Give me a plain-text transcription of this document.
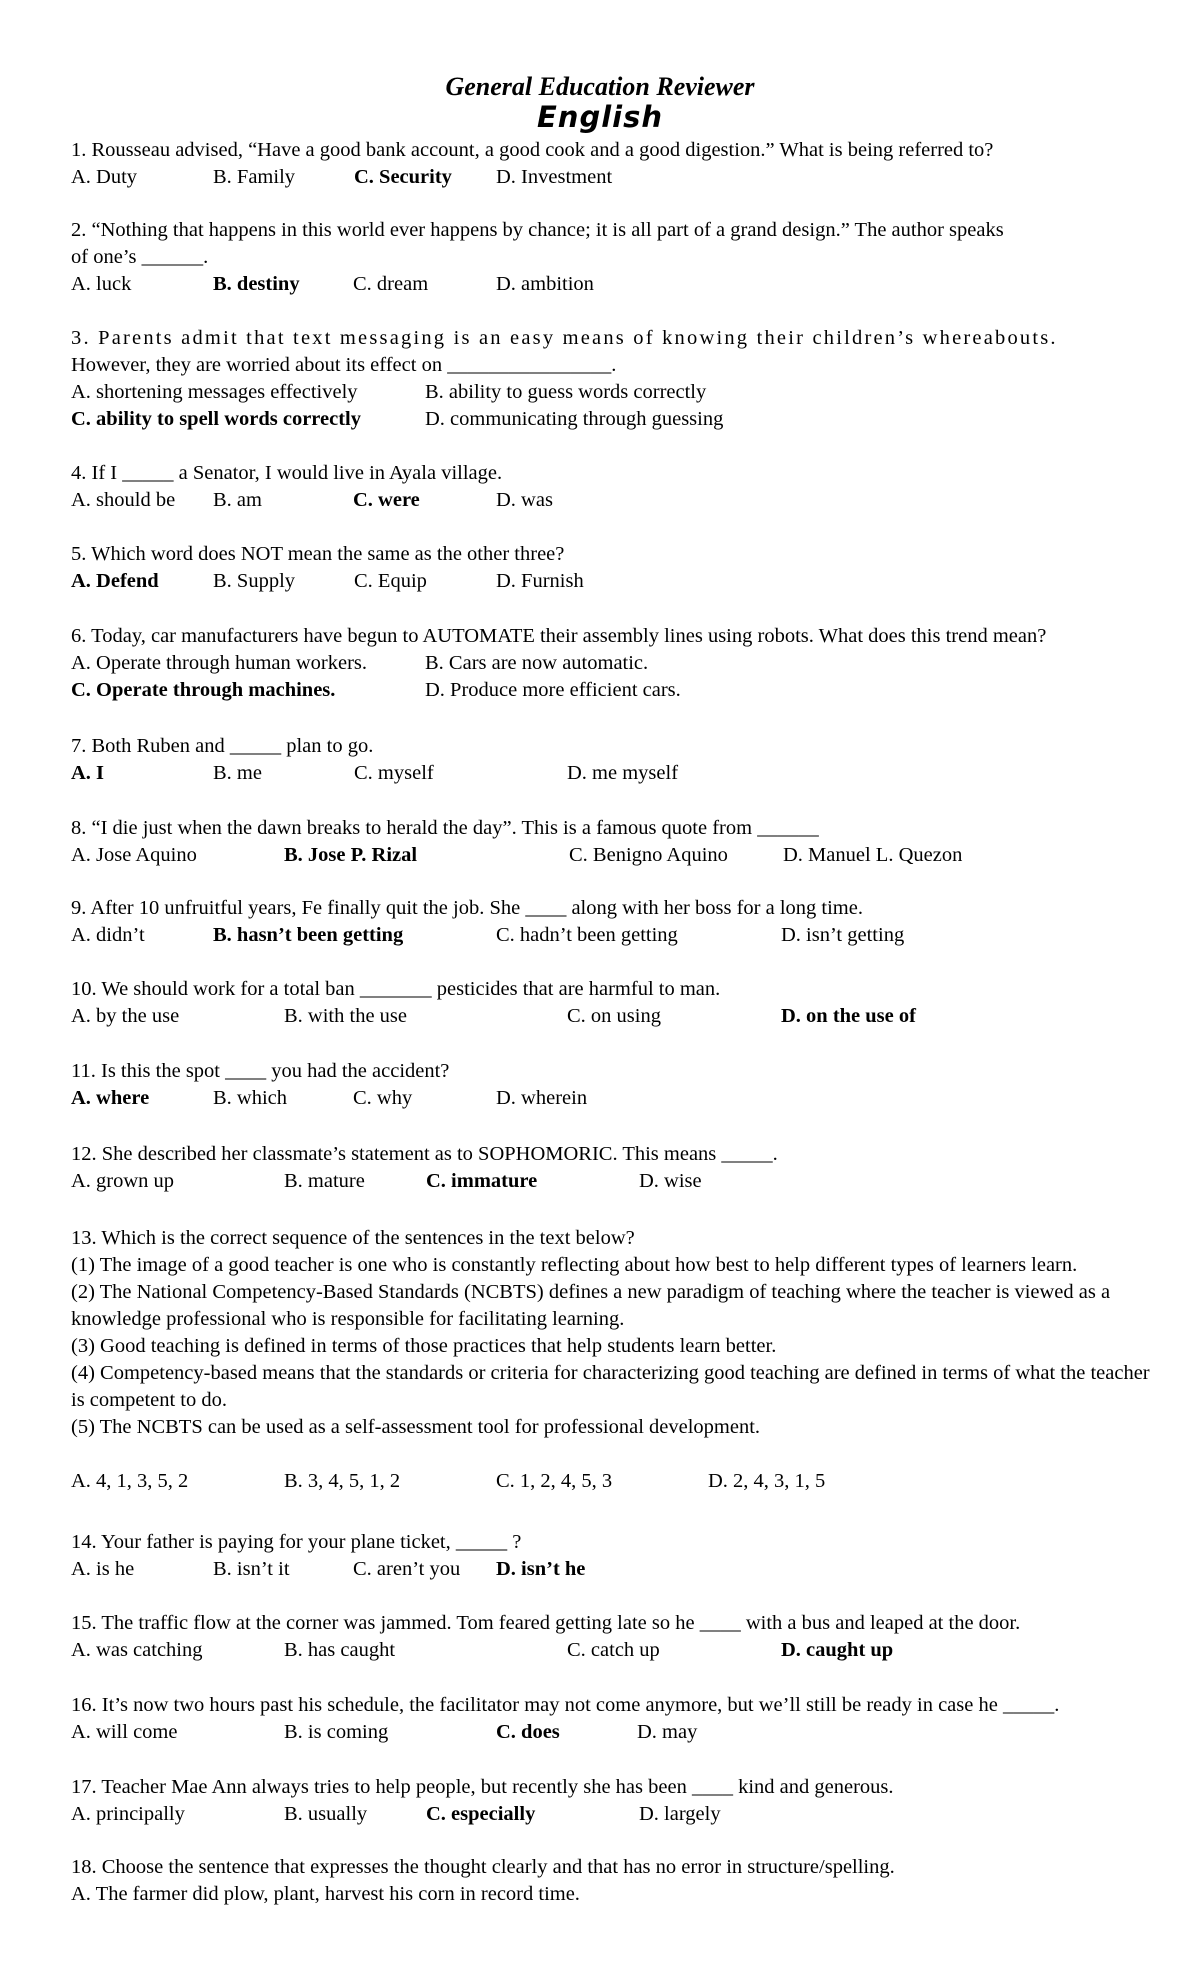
General Education Reviewer
English

1. Rousseau advised, “Have a good bank account, a good cook and a good digestion.” What is being referred to?

A. Duty	B. Family	C. Security D. Investment

2. “Nothing that happens in this world ever happens by chance; it is all part of a grand design.” The author speaks

of one’s ______.

A. luck	B. destiny	C. dream	D. ambition

3. Parents admit that text messaging is an easy means of knowing their children’s whereabouts.

However, they are worried about its effect on ________________.

A. shortening messages effectively	B. ability to guess words correctly
C. ability to spell words correctly	D. communicating through guessing

4. If I _____ a Senator, I would live in Ayala village.

A. should be B. am	C. were	D. was

5. Which word does NOT mean the same as the other three?

A. Defend	B. Supply	C. Equip	D. Furnish

6. Today, car manufacturers have begun to AUTOMATE their assembly lines using robots. What does this trend mean?

A. Operate through human workers.	B. Cars are now automatic.
C. Operate through machines.	D. Produce more efficient cars.

7. Both Ruben and _____ plan to go.

A. I	B. me	C. myself	D. me myself

8. “I die just when the dawn breaks to herald the day”. This is a famous quote from ______

A. Jose Aquino	B. Jose P. Rizal	C. Benigno Aquino	D. Manuel L. Quezon

9. After 10 unfruitful years, Fe finally quit the job. She ____ along with her boss for a long time.

A. didn’t	B. hasn’t been getting	C. hadn’t been getting	D. isn’t getting

10. We should work for a total ban _______ pesticides that are harmful to man.

A. by the use	B. with the use	C. on using	D. on the use of

11. Is this the spot ____ you had the accident?

A. where	B. which	C. why	D. wherein

12. She described her classmate’s statement as to SOPHOMORIC. This means _____.

A. grown up	B. mature	C. immature	D. wise

13. Which is the correct sequence of the sentences in the text below?

(1) The image of a good teacher is one who is constantly reflecting about how best to help different types of learners learn.

(2) The National Competency-Based Standards (NCBTS) defines a new paradigm of teaching where the teacher is viewed as a

knowledge professional who is responsible for facilitating learning.

(3) Good teaching is defined in terms of those practices that help students learn better.

(4) Competency-based means that the standards or criteria for characterizing good teaching are defined in terms of what the teacher

is competent to do.

(5) The NCBTS can be used as a self-assessment tool for professional development.

A. 4, 1, 3, 5, 2	B. 3, 4, 5, 1, 2	C. 1, 2, 4, 5, 3	D. 2, 4, 3, 1, 5

14. Your father is paying for your plane ticket, _____ ?

A. is he	B. isn’t it	C. aren’t you D. isn’t he

15. The traffic flow at the corner was jammed. Tom feared getting late so he ____ with a bus and leaped at the door.

A. was catching	B. has caught	C. catch up	D. caught up

16. It’s now two hours past his schedule, the facilitator may not come anymore, but we’ll still be ready in case he _____.

A. will come	B. is coming	C. does	D. may

17. Teacher Mae Ann always tries to help people, but recently she has been ____ kind and generous.

A. principally	B. usually	C. especially	D. largely

18. Choose the sentence that expresses the thought clearly and that has no error in structure/spelling.

A. The farmer did plow, plant, harvest his corn in record time.
